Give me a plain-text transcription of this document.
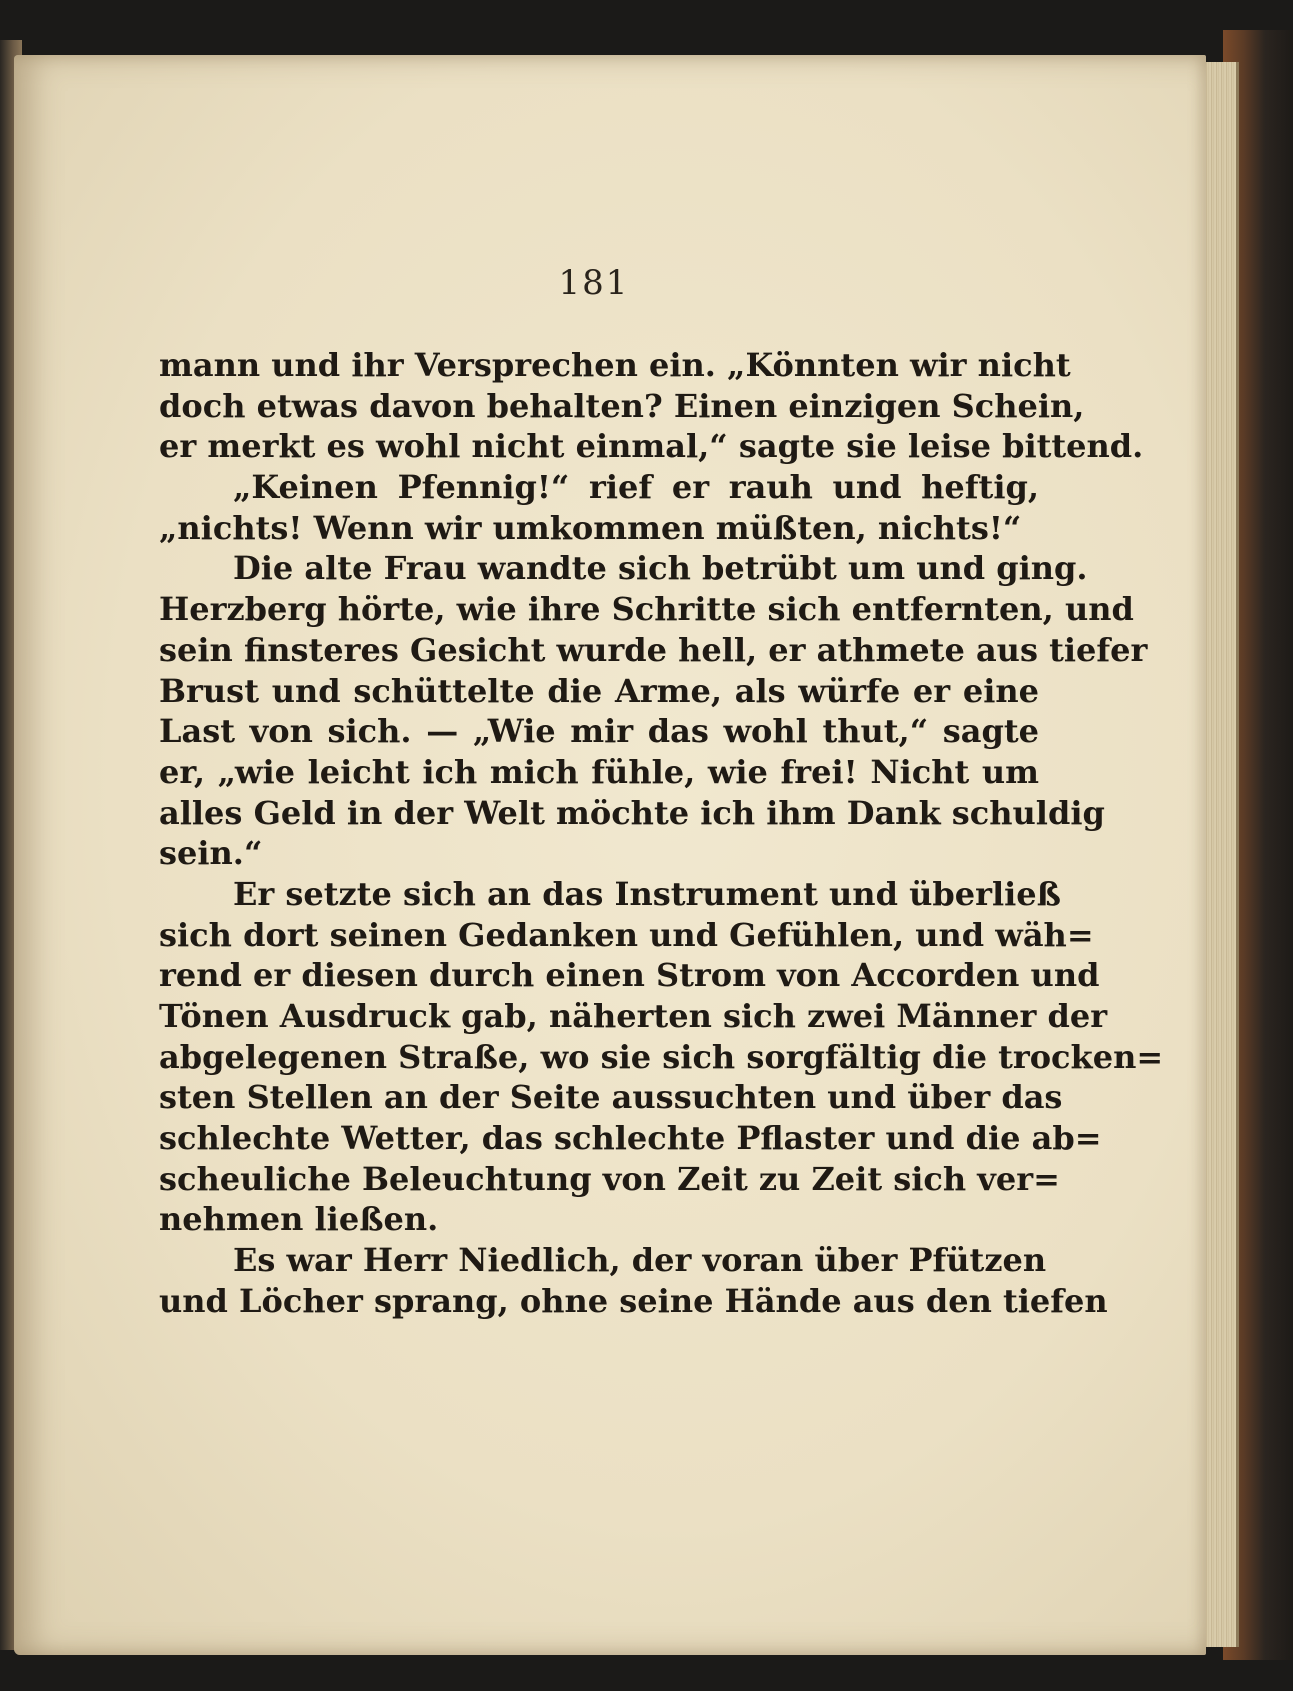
181
mann und ihr Versprechen ein. „Könnten wir nicht
doch etwas davon behalten? Einen einzigen Schein,
er merkt es wohl nicht einmal,“ sagte sie leise bittend.
„Keinen Pfennig!“ rief er rauh und heftig,
„nichts! Wenn wir umkommen müßten, nichts!“
Die alte Frau wandte sich betrübt um und ging.
Herzberg hörte, wie ihre Schritte sich entfernten, und
sein finsteres Gesicht wurde hell, er athmete aus tiefer
Brust und schüttelte die Arme, als würfe er eine
Last von sich. — „Wie mir das wohl thut,“ sagte
er, „wie leicht ich mich fühle, wie frei! Nicht um
alles Geld in der Welt möchte ich ihm Dank schuldig
sein.“
Er setzte sich an das Instrument und überließ
sich dort seinen Gedanken und Gefühlen, und wäh=
rend er diesen durch einen Strom von Accorden und
Tönen Ausdruck gab, näherten sich zwei Männer der
abgelegenen Straße, wo sie sich sorgfältig die trocken=
sten Stellen an der Seite aussuchten und über das
schlechte Wetter, das schlechte Pflaster und die ab=
scheuliche Beleuchtung von Zeit zu Zeit sich ver=
nehmen ließen.
Es war Herr Niedlich, der voran über Pfützen
und Löcher sprang, ohne seine Hände aus den tiefen
